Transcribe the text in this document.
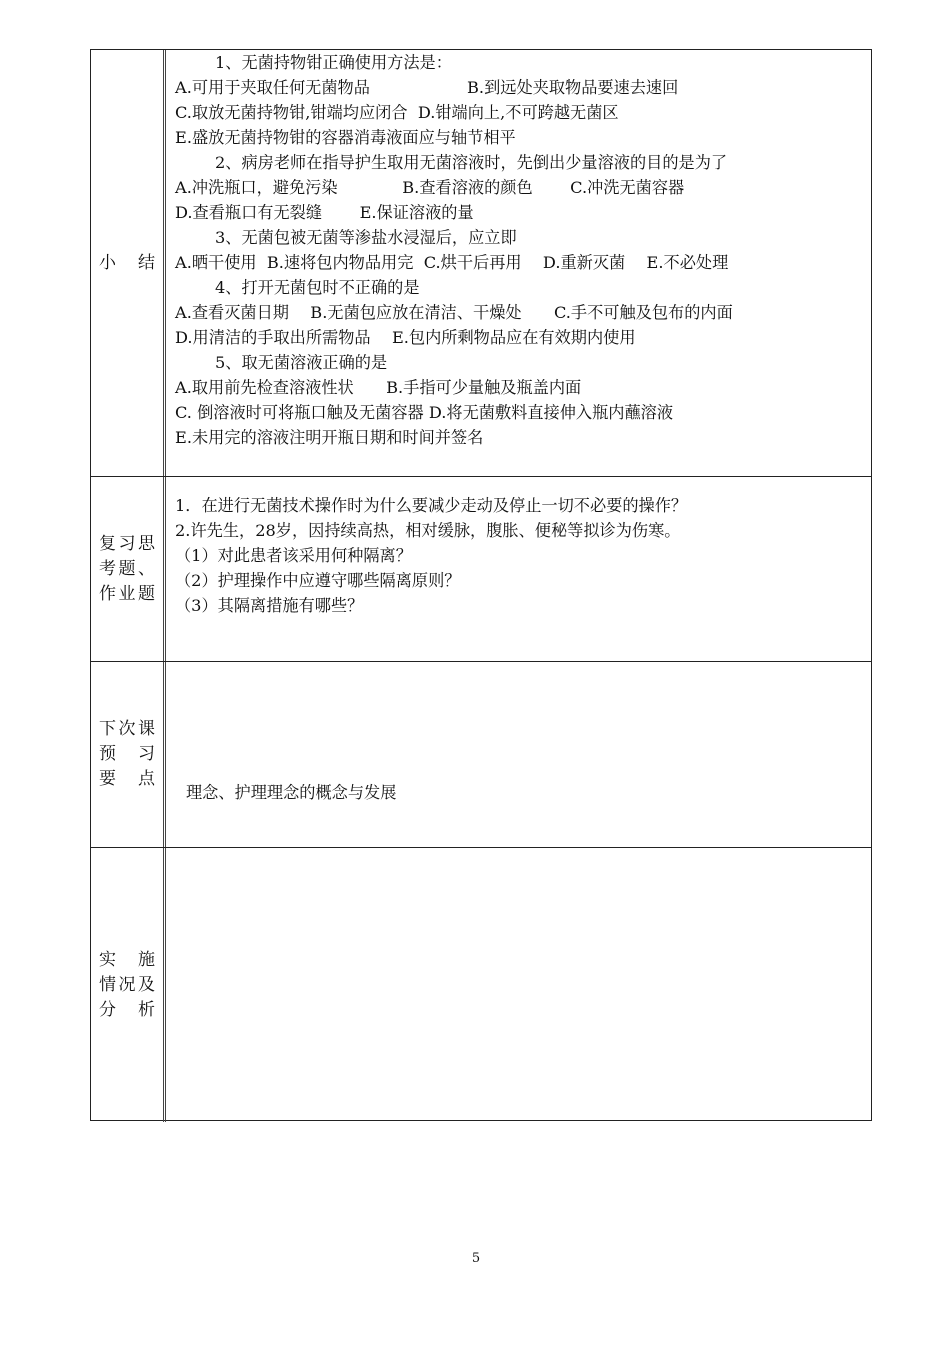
小　结
1、无菌持物钳正确使用方法是：
A.可用于夹取任何无菌物品　　　　　　B.到远处夹取物品要速去速回
C.取放无菌持物钳,钳端均应闭合  D.钳端向上,不可跨越无菌区
E.盛放无菌持物钳的容器消毒液面应与轴节相平
2、病房老师在指导护生取用无菌溶液时，先倒出少量溶液的目的是为了
A.冲洗瓶口，避免污染　　　　B.查看溶液的颜色　　 C.冲洗无菌容器
D.查看瓶口有无裂缝　　 E.保证溶液的量
3、无菌包被无菌等渗盐水浸湿后，应立即
A.晒干使用  B.速将包内物品用完  C.烘干后再用　 D.重新灭菌　 E.不必处理
4、打开无菌包时不正确的是
A.查看灭菌日期　 B.无菌包应放在清洁、干燥处　　C.手不可触及包布的内面
D.用清洁的手取出所需物品　 E.包内所剩物品应在有效期内使用
5、取无菌溶液正确的是
A.取用前先检查溶液性状　　B.手指可少量触及瓶盖内面
C. 倒溶液时可将瓶口触及无菌容器 D.将无菌敷料直接伸入瓶内蘸溶液
E.未用完的溶液注明开瓶日期和时间并签名
复习思
考题、
作业题
1．在进行无菌技术操作时为什么要减少走动及停止一切不必要的操作？
2.许先生，28岁，因持续高热，相对缓脉，腹胀、便秘等拟诊为伤寒。
（1）对此患者该采用何种隔离？
（2）护理操作中应遵守哪些隔离原则？
（3）其隔离措施有哪些？
下次课
预　习
要　点

理念、护理理念的概念与发展

实　施
情况及
分　析

5
